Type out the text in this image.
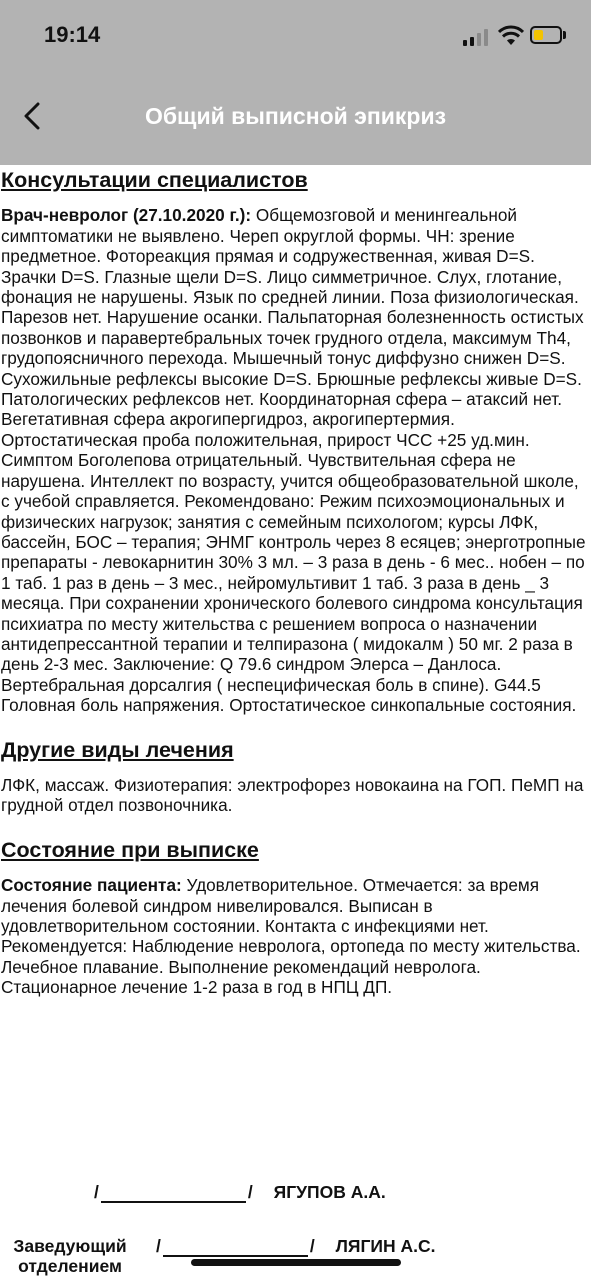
19:14
Общий выписной эпикриз
Консультации специалистов

Врач-невролог (27.10.2020 г.): Общемозговой и менингеальной симптоматики не выявлено. Череп округлой формы. ЧН: зрение предметное. Фотореакция прямая и содружественная, живая D=S. Зрачки D=S. Глазные щели D=S. Лицо симметричное. Слух, глотание, фонация не нарушены. Язык по средней линии. Поза физиологическая. Парезов нет. Нарушение осанки. Пальпаторная болезненность остистых позвонков и паравертебральных точек грудного отдела, максимум Th4, грудопоясничного перехода. Мышечный тонус диффузно снижен D=S. Сухожильные рефлексы высокие D=S. Брюшные рефлексы живые D=S. Патологических рефлексов нет. Координаторная сфера – атаксий нет. Вегетативная сфера акрогипергидроз, акрогипертермия. Ортостатическая проба положительная, прирост ЧСС +25 уд.мин. Симптом Боголепова отрицательный. Чувствительная сфера не нарушена. Интеллект по возрасту, учится общеобразовательной школе, с учебой справляется. Рекомендовано: Режим психоэмоциональных и физических нагрузок; занятия с семейным психологом; курсы ЛФК, бассейн, БОС – терапия; ЭНМГ контроль через 8 есяцев; энерготропные препараты - левокарнитин 30% 3 мл. – 3 раза в день - 6 мес.. нобен – по 1 таб. 1 раз в день – 3 мес., нейромультивит 1 таб. 3 раза в день _ 3 месяца. При сохранении хронического болевого синдрома консультация психиатра по месту жительства с решением вопроса о назначении антидепрессантной терапии и телпиразона ( мидокалм ) 50 мг. 2 раза в день 2-3 мес. Заключение: Q 79.6 синдром Элерса – Данлоса. Вертебральная дорсалгия ( неспецифическая боль в спине). G44.5 Головная боль напряжения. Ортостатическое синкопальные состояния.

Другие виды лечения

ЛФК, массаж. Физиотерапия: электрофорез новокаина на ГОП. ПеМП на грудной отдел позвоночника.

Состояние при выписке

Состояние пациента: Удовлетворительное. Отмечается: за время лечения болевой синдром нивелировался. Выписан в удовлетворительном состоянии. Контакта с инфекциями нет. Рекомендуется: Наблюдение невролога, ортопеда по месту жительства. Лечебное плавание. Выполнение рекомендаций невролога. Стационарное лечение 1-2 раза в год в НПЦ ДП.

/	/ ЯГУПОВ А.А.
Заведующий отделением
/	/ ЛЯГИН А.С.
